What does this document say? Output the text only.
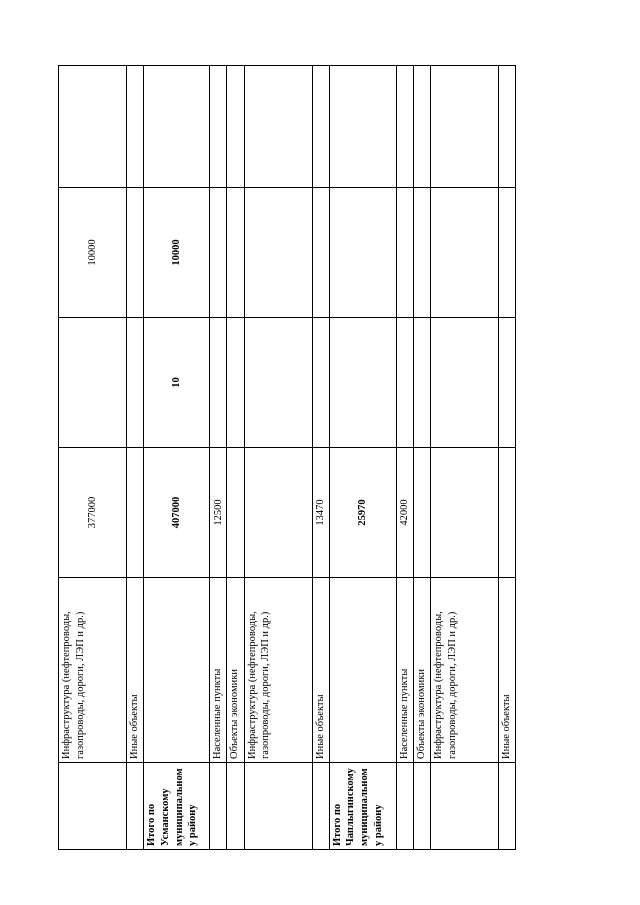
	Инфраструктура (нефтепроводы, газопроводы, дороги, ЛЭП и др.)	377000		10000	
	Иные объекты				
Итого по Усманскому муниципальному району		407000	10	10000	
	Населенные пункты	12500			
	Объекты экономики				
	Инфраструктура (нефтепроводы, газопроводы, дороги, ЛЭП и др.)				
	Иные объекты	13470			
Итого по Чаплыгинскому муниципальному району		25970			
	Населенные пункты	42000			
	Объекты экономики				
	Инфраструктура (нефтепроводы, газопроводы, дороги, ЛЭП и др.)				
	Иные объекты				
